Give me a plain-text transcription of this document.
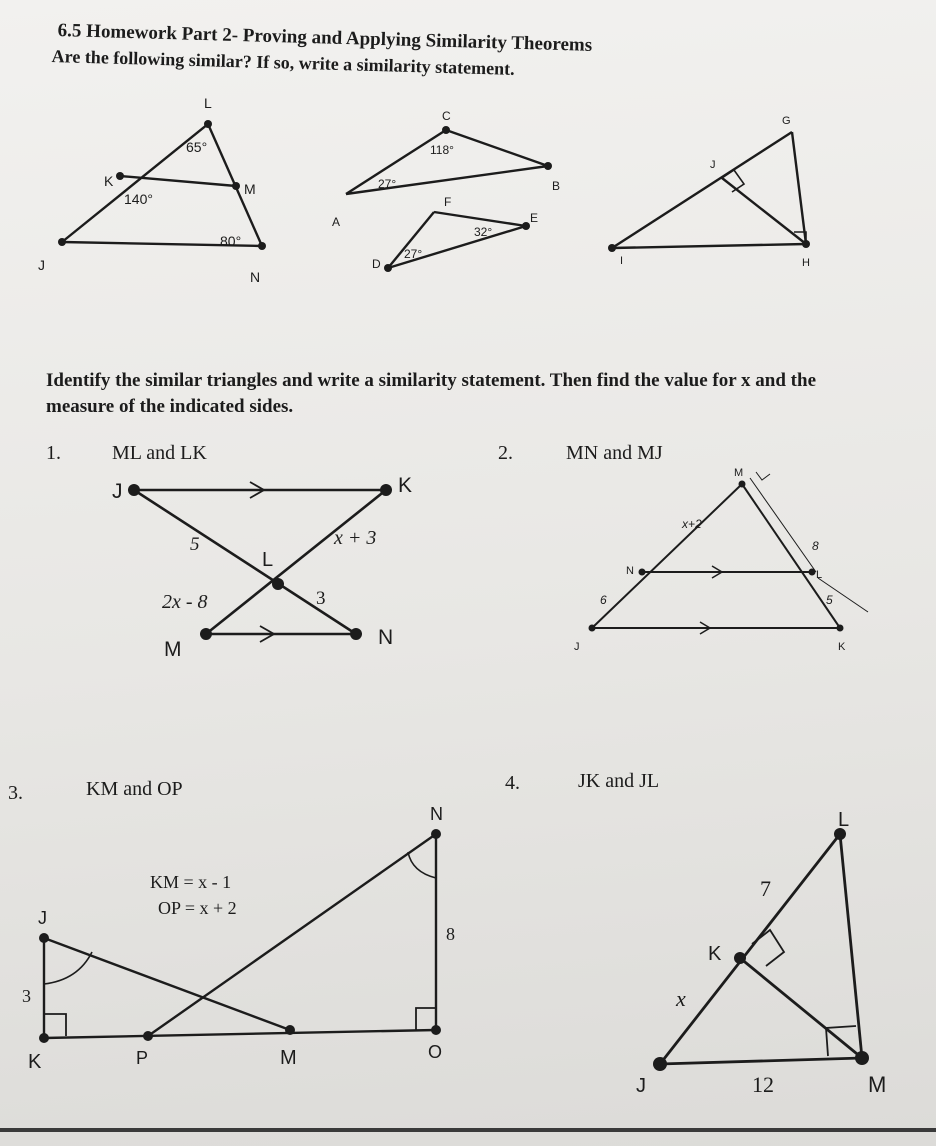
6.5 Homework Part 2- Proving and Applying Similarity Theorems
Are the following similar? If so, write a similarity statement.
Identify the similar triangles and write a similarity statement. Then find the value for x and the
measure of the indicated sides.
1.	ML and LK	2.	MN and MJ
3.	KM and OP	4.	JK and JL
KM = x - 1
OP = x + 2
L
K
J
M
N
65°
140°
80°
C
A
B
F
D
E
118°
27°
27°
32°
G
J
I	H
J	K
L
M
N
5
2x - 8
x + 3
3
M
N
J	K
L
x+2
6
8
5
J
K	P	M
N
O
3
8
L
K
J	M
x
7
12
